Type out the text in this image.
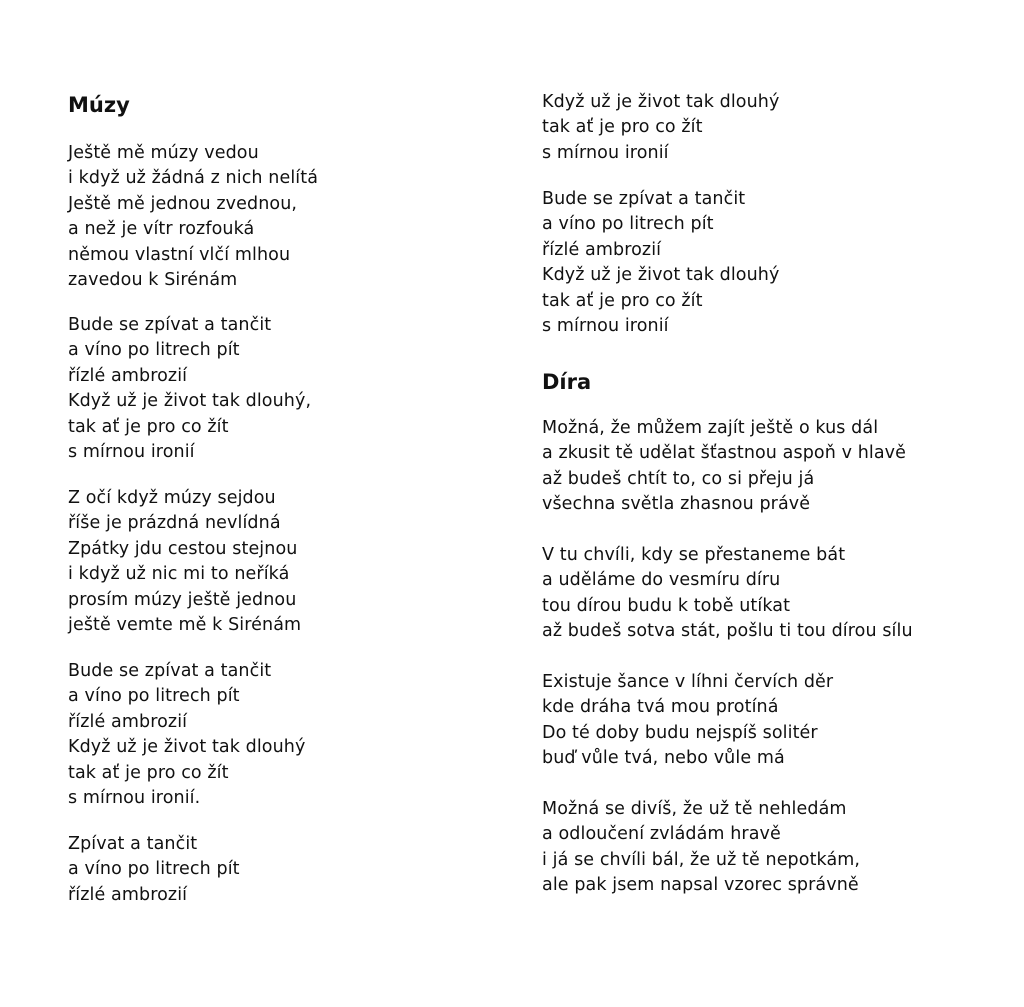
Múzy
Ještě mě múzy vedou
i když už žádná z nich nelítá
Ještě mě jednou zvednou,
a než je vítr rozfouká
němou vlastní vlčí mlhou
zavedou k Sirénám
Bude se zpívat a tančit
a víno po litrech pít
řízlé ambrozií
Když už je život tak dlouhý,
tak ať je pro co žít
s mírnou ironií
Z očí když múzy sejdou
říše je prázdná nevlídná
Zpátky jdu cestou stejnou
i když už nic mi to neříká
prosím múzy ještě jednou
ještě vemte mě k Sirénám
Bude se zpívat a tančit
a víno po litrech pít
řízlé ambrozií
Když už je život tak dlouhý
tak ať je pro co žít
s mírnou ironií.
Zpívat a tančit
a víno po litrech pít
řízlé ambrozií
Když už je život tak dlouhý
tak ať je pro co žít
s mírnou ironií
Bude se zpívat a tančit
a víno po litrech pít
řízlé ambrozií
Když už je život tak dlouhý
tak ať je pro co žít
s mírnou ironií
Díra
Možná, že můžem zajít ještě o kus dál
a zkusit tě udělat šťastnou aspoň v hlavě
až budeš chtít to, co si přeju já
všechna světla zhasnou právě
V tu chvíli, kdy se přestaneme bát
a uděláme do vesmíru díru
tou dírou budu k tobě utíkat
až budeš sotva stát, pošlu ti tou dírou sílu
Existuje šance v líhni červích děr
kde dráha tvá mou protíná
Do té doby budu nejspíš solitér
buď vůle tvá, nebo vůle má
Možná se divíš, že už tě nehledám
a odloučení zvládám hravě
i já se chvíli bál, že už tě nepotkám,
ale pak jsem napsal vzorec správně
